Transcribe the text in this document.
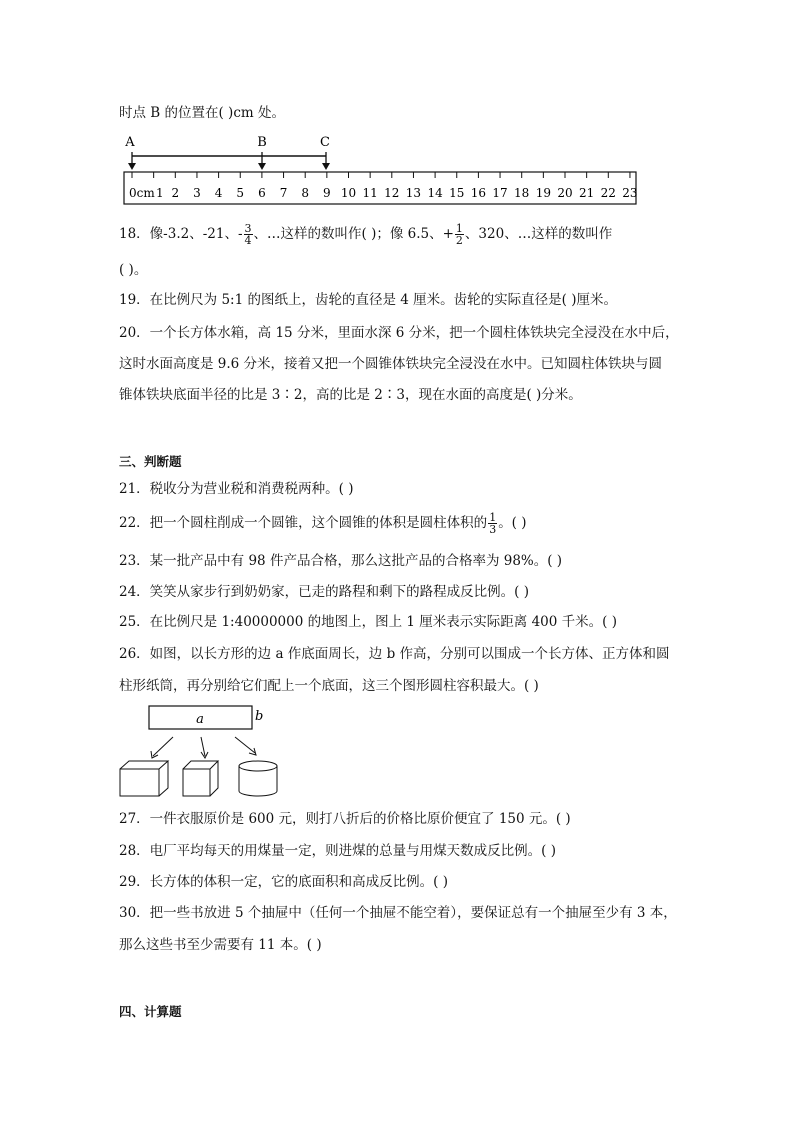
时点 B 的位置在( )cm 处。
A	B	C
0cm 2 3 4 5 6 7 8 9 10 11 12 13 14 15 16 17 18 19 20 21 22 23
1
18．像-3.2、-21、- $\frac{3}{4}$ 、…这样的数叫作( )；像 6.5、+ $\frac{1}{2}$ 、320、…这样的数叫作
( )。
19．在比例尺为 5:1 的图纸上，齿轮的直径是 4 厘米。齿轮的实际直径是( )厘米。
20．一个长方体水箱，高 15 分米，里面水深 6 分米，把一个圆柱体铁块完全浸没在水中后，
这时水面高度是 9.6 分米，接着又把一个圆锥体铁块完全浸没在水中。已知圆柱体铁块与圆
锥体铁块底面半径的比是 3∶2，高的比是 2∶3，现在水面的高度是( )分米。
三、判断题
21．税收分为营业税和消费税两种。( )
22．把一个圆柱削成一个圆锥，这个圆锥的体积是圆柱体积的 $\frac{1}{3}$ 。( )
23．某一批产品中有 98 件产品合格，那么这批产品的合格率为 98%。( )
24．笑笑从家步行到奶奶家，已走的路程和剩下的路程成反比例。( )
25．在比例尺是 1:40000000 的地图上，图上 1 厘米表示实际距离 400 千米。( )
26．如图，以长方形的边 a 作底面周长，边 b 作高，分别可以围成一个长方体、正方体和圆
柱形纸筒，再分别给它们配上一个底面，这三个图形圆柱容积最大。( )
a	b
27．一件衣服原价是 600 元，则打八折后的价格比原价便宜了 150 元。( )
28．电厂平均每天的用煤量一定，则进煤的总量与用煤天数成反比例。( )
29．长方体的体积一定，它的底面积和高成反比例。( )
30．把一些书放进 5 个抽屉中（任何一个抽屉不能空着），要保证总有一个抽屉至少有 3 本，
那么这些书至少需要有 11 本。( )
四、计算题
